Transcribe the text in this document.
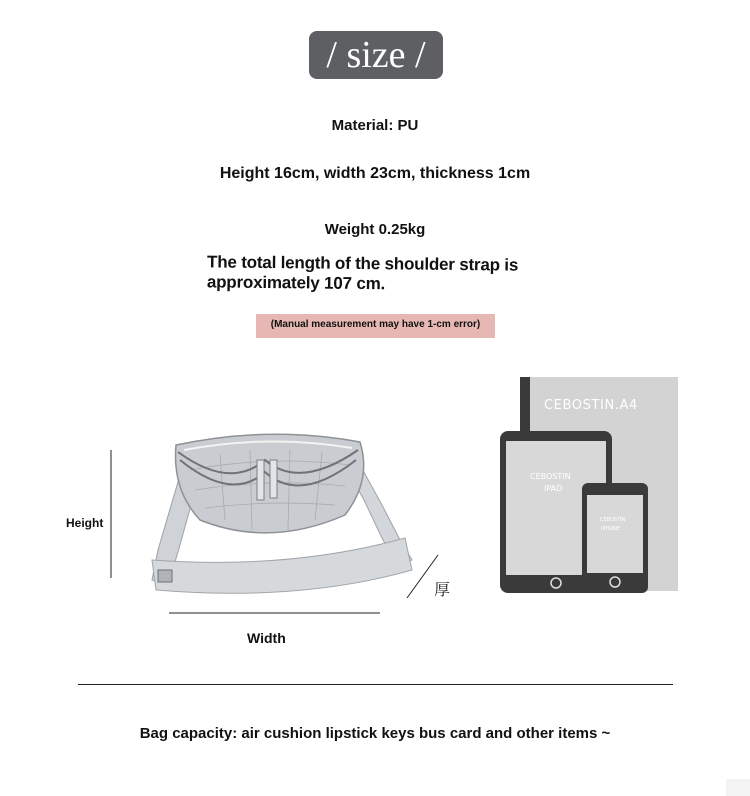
/ size /
Material: PU
Height 16cm, width 23cm, thickness 1cm
Weight 0.25kg
The total length of the shoulder strap is
approximately 107 cm.
(Manual measurement may have 1-cm error)
Height
Width
厚
CEBOSTIN.A4
CEBOSTIN
IPAD
CEBOSTIN
IPHONE
Bag capacity: air cushion lipstick keys bus card and other items ~
